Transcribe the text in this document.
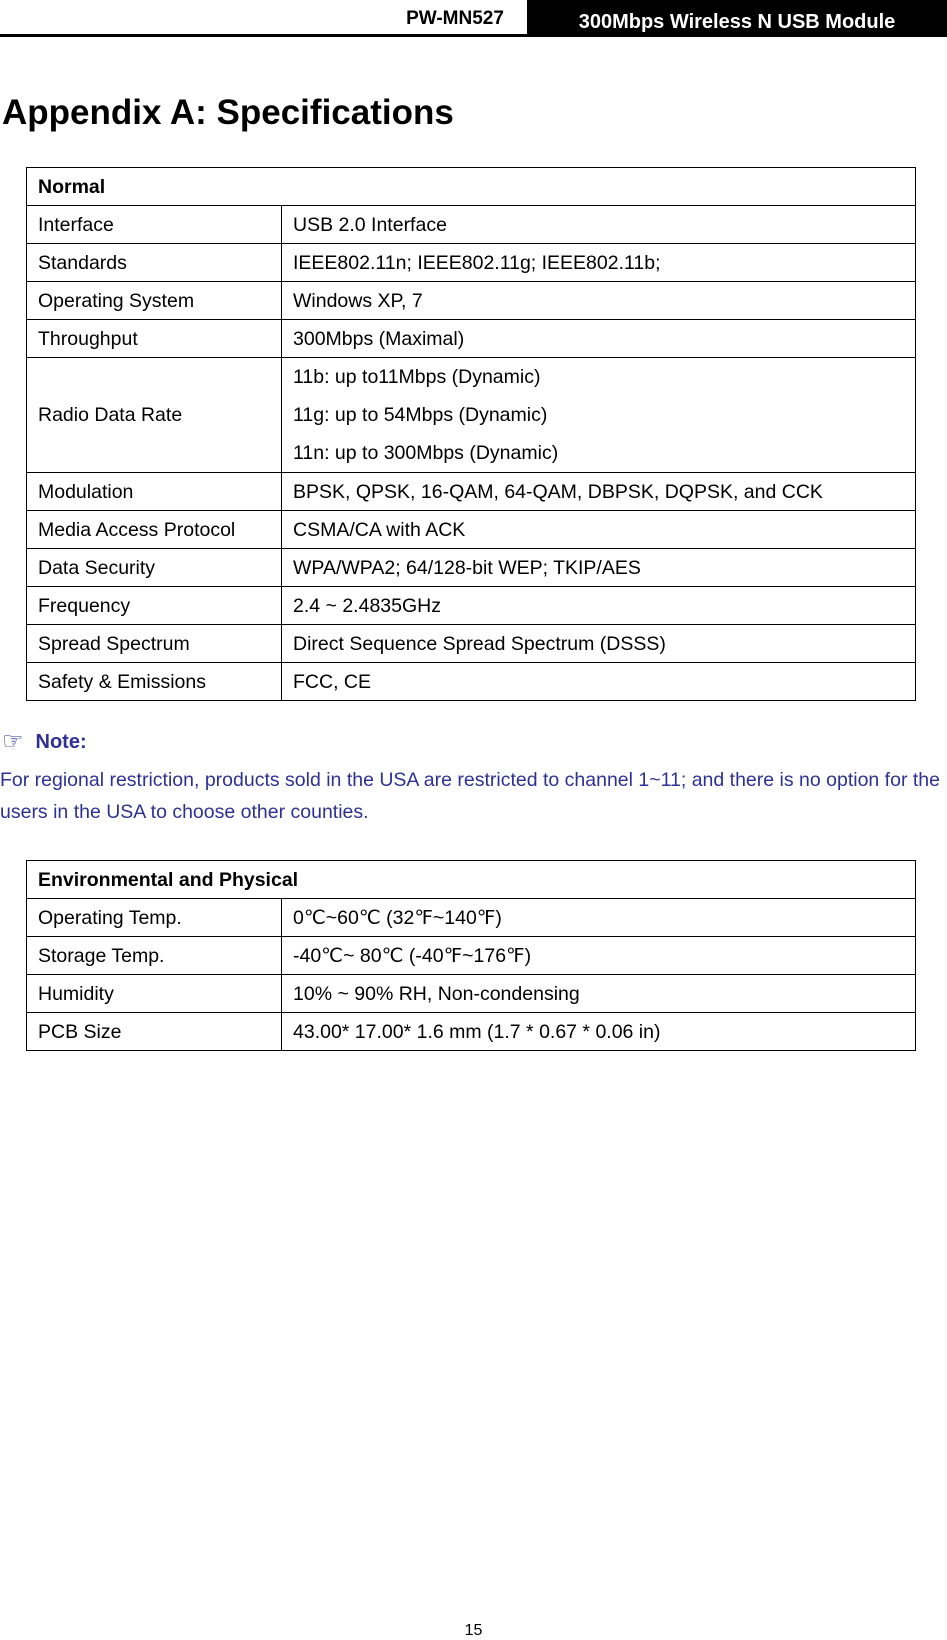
PW-MN527	300Mbps Wireless N USB Module
Appendix A: Specifications
Normal	
Interface	USB 2.0 Interface
Standards	IEEE802.11n; IEEE802.11g; IEEE802.11b;
Operating System	Windows XP, 7
Throughput	300Mbps (Maximal)
Radio Data Rate	11b: up to11Mbps (Dynamic)
11g: up to 54Mbps (Dynamic)
11n: up to 300Mbps (Dynamic)

Modulation	BPSK, QPSK, 16-QAM, 64-QAM, DBPSK, DQPSK, and CCK
Media Access Protocol	CSMA/CA with ACK
Data Security	WPA/WPA2; 64/128-bit WEP; TKIP/AES
Frequency	2.4 ~ 2.4835GHz
Spread Spectrum	Direct Sequence Spread Spectrum (DSSS)
Safety & Emissions	FCC, CE
☞ Note:
For regional restriction, products sold in the USA are restricted to channel 1~11; and there is no option for the users in the USA to choose other counties.
Environmental and Physical	
Operating Temp.	0℃~60℃ (32℉~140℉)
Storage Temp.	-40℃~ 80℃ (-40℉~176℉)
Humidity	10% ~ 90% RH, Non-condensing
PCB Size	43.00* 17.00* 1.6 mm (1.7 * 0.67 * 0.06 in)
15
